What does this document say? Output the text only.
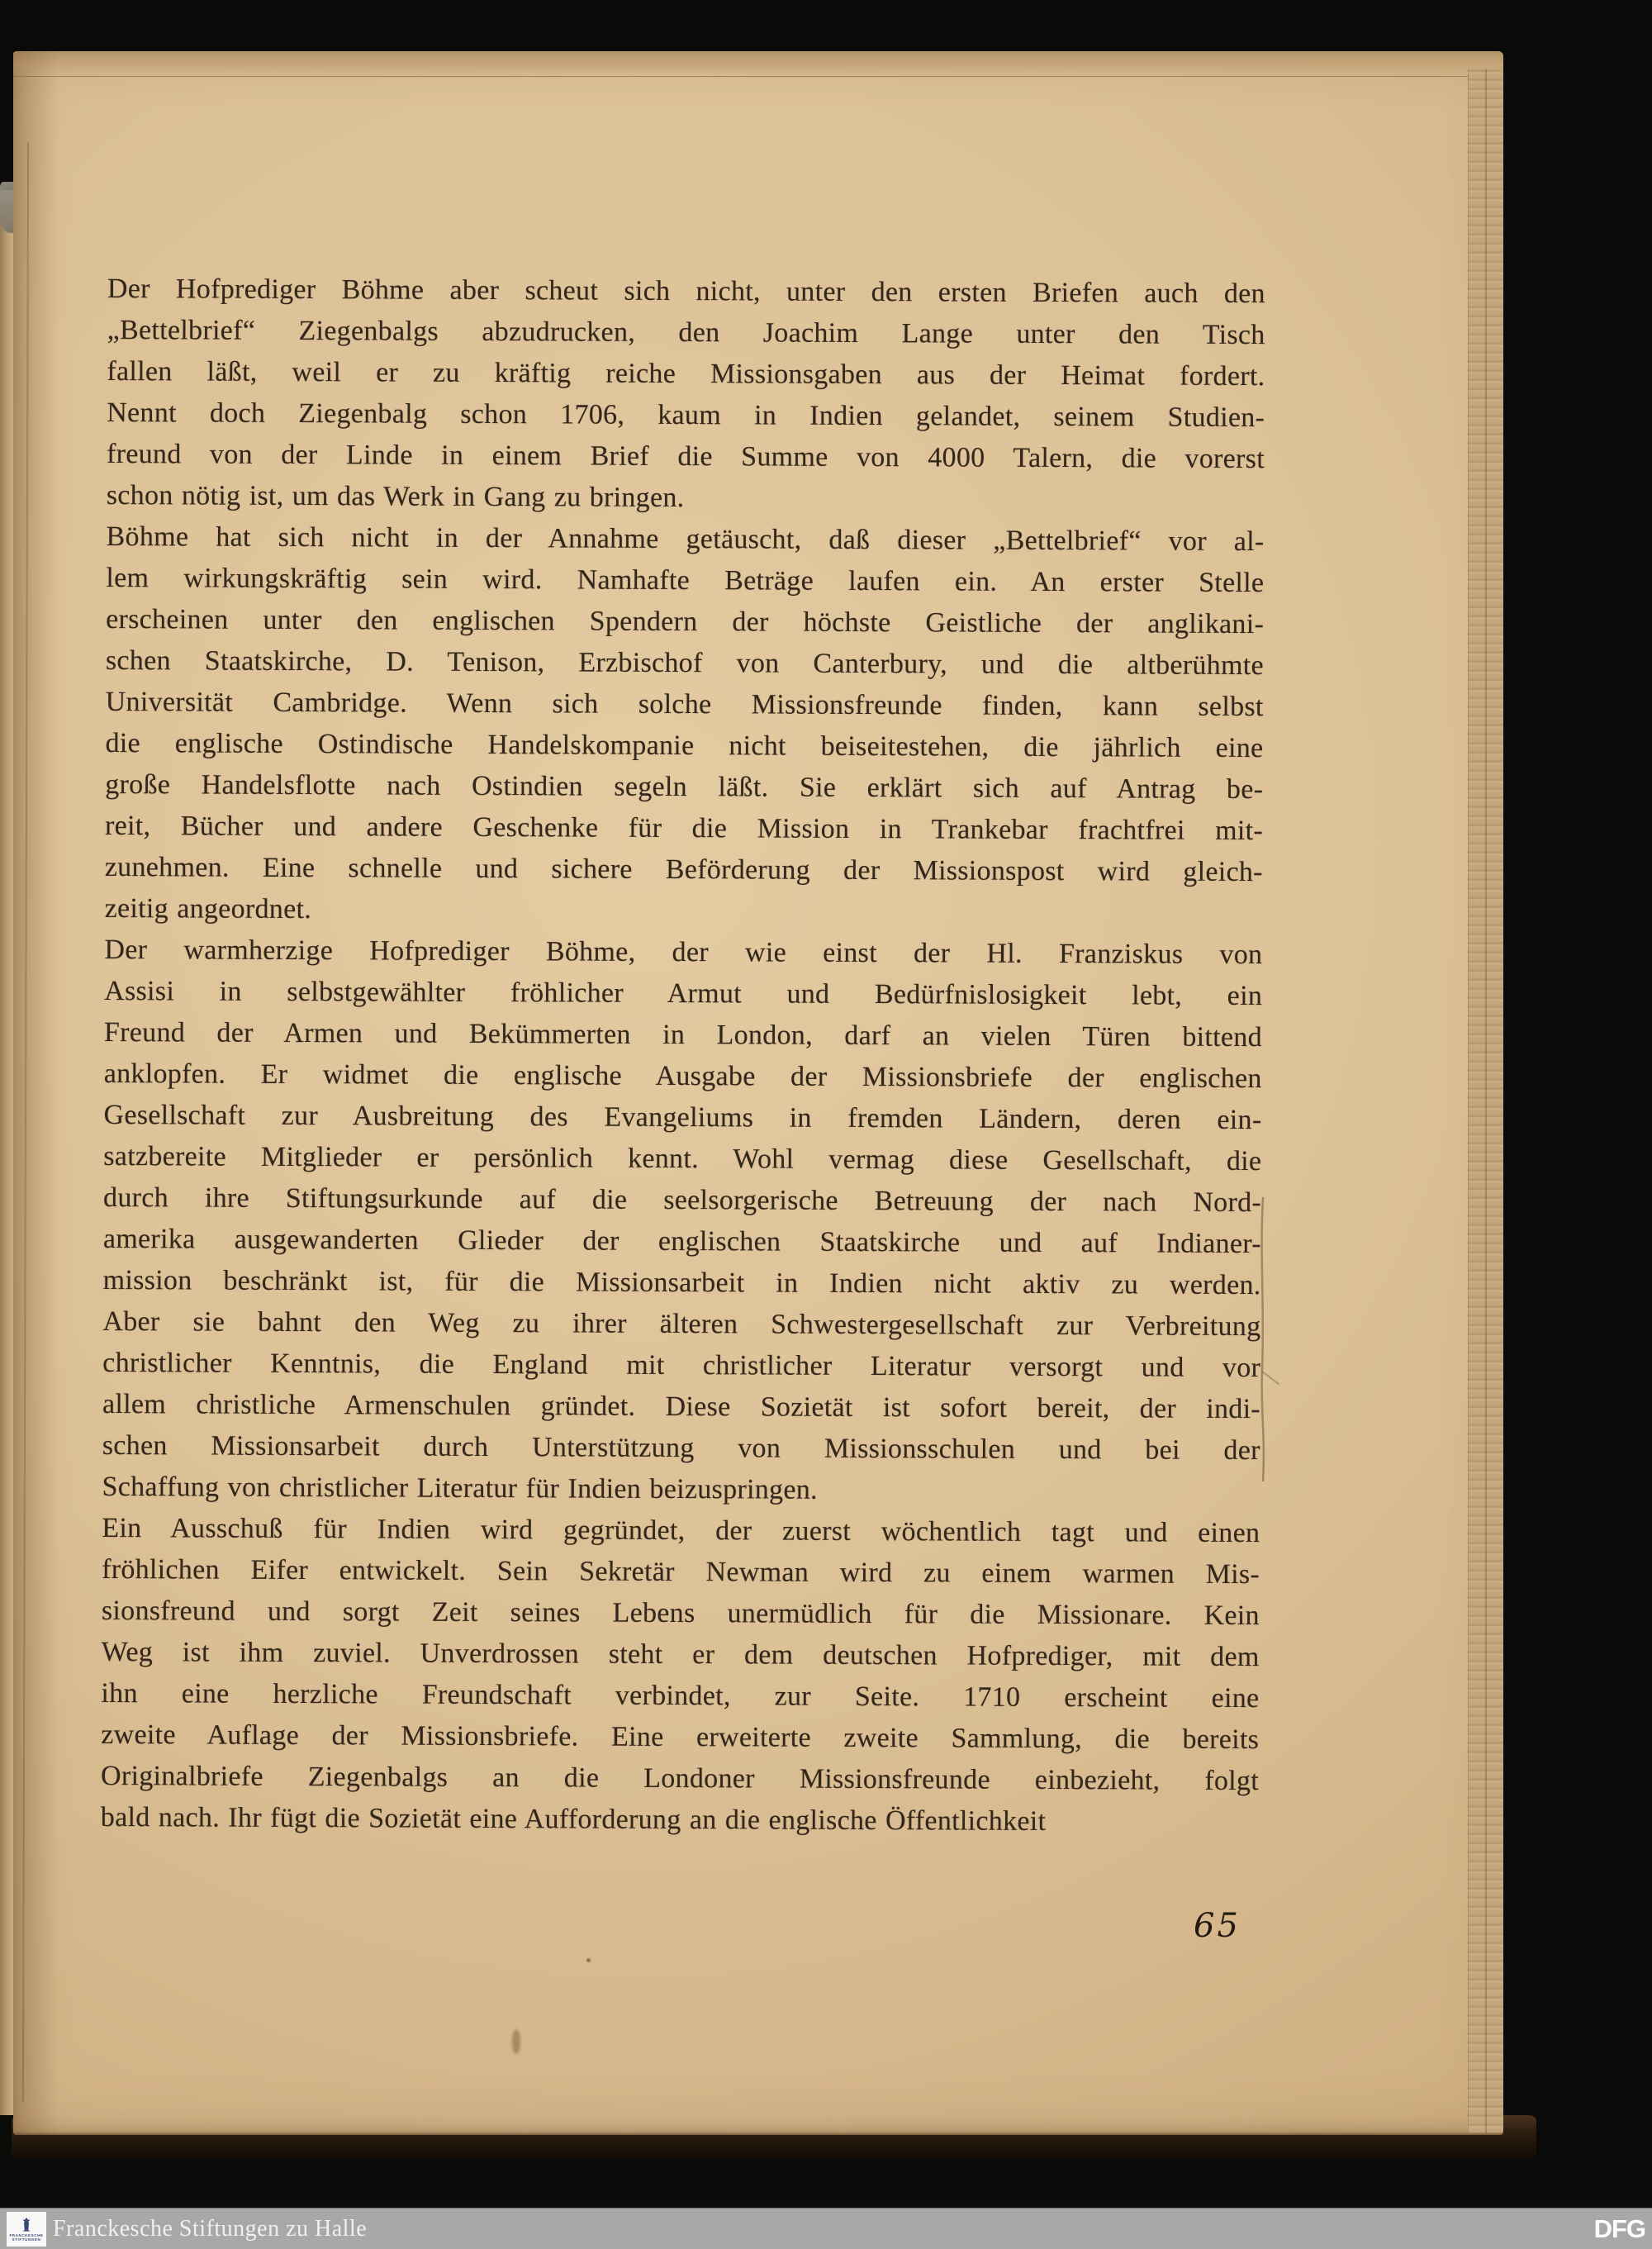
Der Hofprediger Böhme aber scheut sich nicht, unter den ersten Briefen auch den
„Bettelbrief“ Ziegenbalgs abzudrucken, den Joachim Lange unter den Tisch
fallen läßt, weil er zu kräftig reiche Missionsgaben aus der Heimat fordert.
Nennt doch Ziegenbalg schon 1706, kaum in Indien gelandet, seinem Studien-
freund von der Linde in einem Brief die Summe von 4000 Talern, die vorerst
schon nötig ist, um das Werk in Gang zu bringen.
Böhme hat sich nicht in der Annahme getäuscht, daß dieser „Bettelbrief“ vor al-
lem wirkungskräftig sein wird. Namhafte Beträge laufen ein. An erster Stelle
erscheinen unter den englischen Spendern der höchste Geistliche der anglikani-
schen Staatskirche, D. Tenison, Erzbischof von Canterbury, und die altberühmte
Universität Cambridge. Wenn sich solche Missionsfreunde finden, kann selbst
die englische Ostindische Handelskompanie nicht beiseitestehen, die jährlich eine
große Handelsflotte nach Ostindien segeln läßt. Sie erklärt sich auf Antrag be-
reit, Bücher und andere Geschenke für die Mission in Trankebar frachtfrei mit-
zunehmen. Eine schnelle und sichere Beförderung der Missionspost wird gleich-
zeitig angeordnet.
Der warmherzige Hofprediger Böhme, der wie einst der Hl. Franziskus von
Assisi in selbstgewählter fröhlicher Armut und Bedürfnislosigkeit lebt, ein
Freund der Armen und Bekümmerten in London, darf an vielen Türen bittend
anklopfen. Er widmet die englische Ausgabe der Missionsbriefe der englischen
Gesellschaft zur Ausbreitung des Evangeliums in fremden Ländern, deren ein-
satzbereite Mitglieder er persönlich kennt. Wohl vermag diese Gesellschaft, die
durch ihre Stiftungsurkunde auf die seelsorgerische Betreuung der nach Nord-
amerika ausgewanderten Glieder der englischen Staatskirche und auf Indianer-
mission beschränkt ist, für die Missionsarbeit in Indien nicht aktiv zu werden.
Aber sie bahnt den Weg zu ihrer älteren Schwestergesellschaft zur Verbreitung
christlicher Kenntnis, die England mit christlicher Literatur versorgt und vor
allem christliche Armenschulen gründet. Diese Sozietät ist sofort bereit, der indi-
schen Missionsarbeit durch Unterstützung von Missionsschulen und bei der
Schaffung von christlicher Literatur für Indien beizuspringen.
Ein Ausschuß für Indien wird gegründet, der zuerst wöchentlich tagt und einen
fröhlichen Eifer entwickelt. Sein Sekretär Newman wird zu einem warmen Mis-
sionsfreund und sorgt Zeit seines Lebens unermüdlich für die Missionare. Kein
Weg ist ihm zuviel. Unverdrossen steht er dem deutschen Hofprediger, mit dem
ihn eine herzliche Freundschaft verbindet, zur Seite. 1710 erscheint eine
zweite Auflage der Missionsbriefe. Eine erweiterte zweite Sammlung, die bereits
Originalbriefe Ziegenbalgs an die Londoner Missionsfreunde einbezieht, folgt
bald nach. Ihr fügt die Sozietät eine Aufforderung an die englische Öffentlichkeit
65
FRANCKESCHE
STIFTUNGEN Franckesche Stiftungen zu Halle	DFG
